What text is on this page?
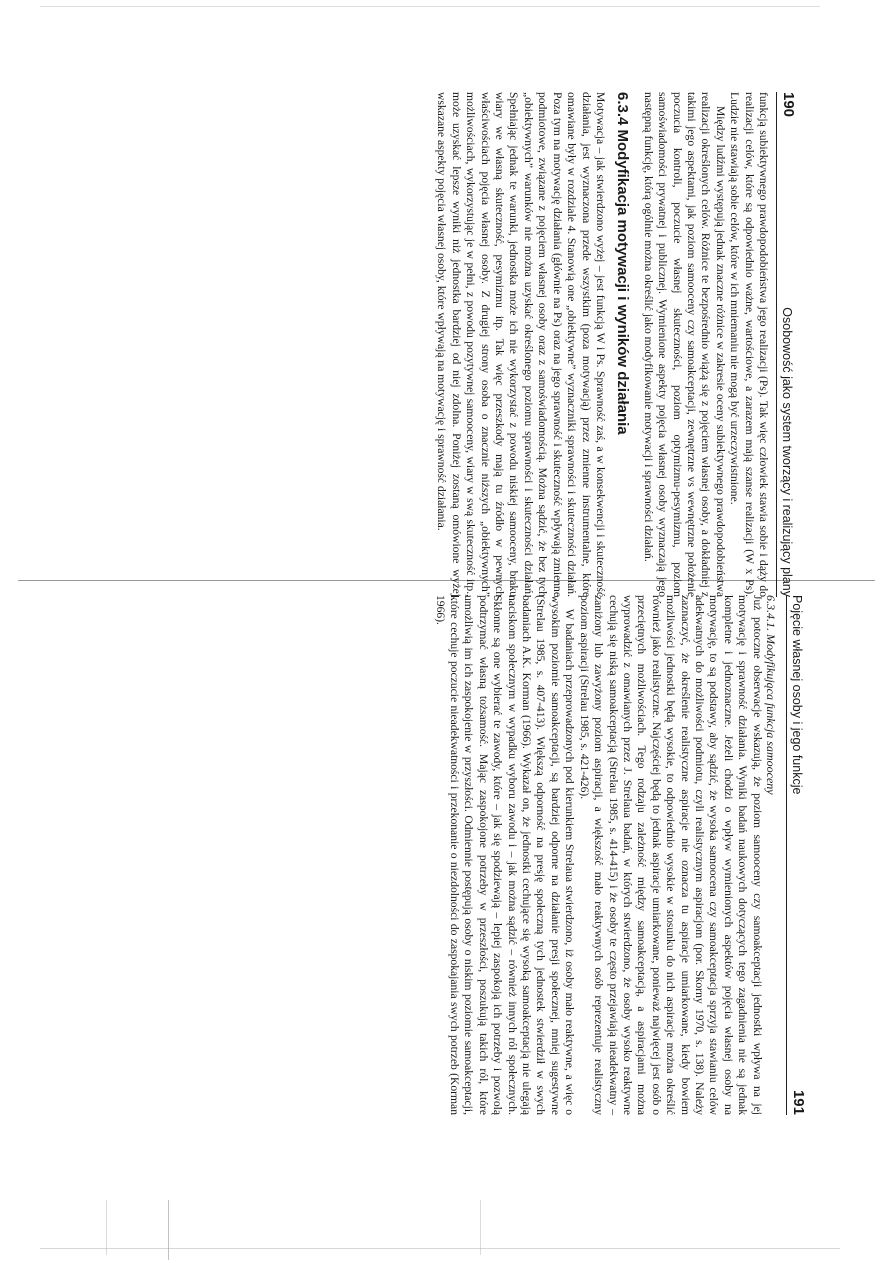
190
Osobowość jako system tworzący i realizujący plany

funkcją subiektywnego prawdopodobieństwa jego realizacji (Ps). Tak więc człowiek stawia sobie i dąży do realizacji celów, które są odpowiednio ważne, wartościowe, a zarazem mają szanse realizacji (W x Ps). Ludzie nie stawiają sobie celów, które w ich mniemaniu nie mogą być urzeczywistnione.

Między ludźmi występują jednak znaczne różnice w zakresie oceny subiektywnego prawdopodobieństwa realizacji określonych celów. Różnice te bezpośrednio wiążą się z pojęciem własnej osoby, a dokładniej z takimi jego aspektami, jak poziom samooceny czy samoakceptacji, zewnętrzne vs wewnętrzne położenie poczucia kontroli, poczucie własnej skuteczności, poziom optymizmu-pesymizmu, poziom samoświadomości prywatnej i publicznej. Wymienione aspekty pojęcia własnej osoby wyznaczają jego następną funkcję, którą ogólnie można określić jako modyfikowanie motywacji i sprawności działań.

6.3.4 Modyfikacja motywacji i wyników działania

Motywacja – jak stwierdzono wyżej – jest funkcją W i Ps. Sprawność zaś, a w konsekwencji i skuteczność działania, jest wyznaczona przede wszystkim (poza motywacją) przez zmienne instrumentalne, które omawiane były w rozdziale 4. Stanowią one „obiektywne” wyznaczniki sprawności i skuteczności działań. Poza tym na motywację działania (głównie na Ps) oraz na jego sprawność i skuteczność wpływają zmienne podmiotowe, związane z pojęciem własnej osoby oraz z samoświadomością. Można sądzić, że bez tych „obiektywnych” warunków nie można uzyskać określonego poziomu sprawności i skuteczności działań. Spełniając jednak te warunki, jednostka może ich nie wykorzystać z powodu niskiej samooceny, braku wiary we własną skuteczność, pesymizmu itp. Tak więc przeszkody mają tu źródło w pewnych właściwościach pojęcia własnej osoby. Z drugiej strony osoba o znacznie niższych „obiektywnych” możliwościach, wykorzystując je w pełni, z powodu pozytywnej samooceny, wiary w swą skuteczność itp., może uzyskać lepsze wyniki niż jednostka bardziej od niej zdolna. Poniżej zostaną omówione wyżej wskazane aspekty pojęcia własnej osoby, które wpływają na motywację i sprawność działania.

Pojęcie własnej osoby i jego funkcje
191
6.3.4.1. Modyfikująca funkcja samooceny

Już potoczne obserwacje wskazują, że poziom samooceny czy samoakceptacji jednostki wpływa na jej motywację i sprawność działania. Wyniki badań naukowych dotyczących tego zagadnienia nie są jednak kompletne i jednoznaczne. Jeżeli chodzi o wpływ wymienionych aspektów pojęcia własnej osoby na motywację, to są podstawy, aby sądzić, że wysoka samoocena czy samoakceptacja sprzyja stawianiu celów adekwatnych do możliwości podmiotu, czyli realistycznym aspiracjom (por. Skorny 1970, s. 138). Należy zaznaczyć, że określenie realistyczne aspiracje nie oznacza tu aspiracje umiarkowane, kiedy bowiem możliwości jednostki będą wysokie, to odpowiednio wysokie w stosunku do nich aspiracje można określić również jako realistyczne. Najczęściej będą to jednak aspiracje umiarkowane, ponieważ najwięcej jest osób o przeciętnych możliwościach. Tego rodzaju zależność między samoakceptacją, a aspiracjami można wyprowadzić z omawianych przez J. Strelaua badań, w których stwierdzono, że osoby wysoko reaktywne cechują się niską samoakceptacją (Strelau 1985, s. 414-415) i że osoby te często przejawiają nieadekwatny – zaniżony lub zawyżony poziom aspiracji, a większość mało reaktywnych osób reprezentuje realistyczny poziom aspiracji (Strelau 1985, s. 421-426).

W badaniach przeprowadzonych pod kierunkiem Strelaua stwierdzono, iż osoby mało reaktywne, a więc o wysokim poziomie samoakceptacji, są bardziej odporne na działanie presji społecznej, mniej sugestywne (Strelau 1985, s. 407-413). Większą odporność na presję społeczną tych jednostek stwierdził w swych badaniach A.K. Korman (1966). Wykazał on, że jednostki cechujące się wysoką samoakceptacją nie ulegają naciskom społecznym w wypadku wyboru zawodu i – jak można sądzić – również innych ról społecznych. Skłonne są one wybierać te zawody, które – jak się spodziewają – lepiej zaspokoją ich potrzeby i pozwolą podtrzymać własną tożsamość. Mając zaspokojone potrzeby w przeszłości, poszukują takich ról, które umożliwią im ich zaspokojenie w przyszłości. Odmiennie postępują osoby o niskim poziomie samoakceptacji, które cechuje poczucie nieadekwatności i przekonanie o niezdolności do zaspokajania swych potrzeb (Korman 1966).
